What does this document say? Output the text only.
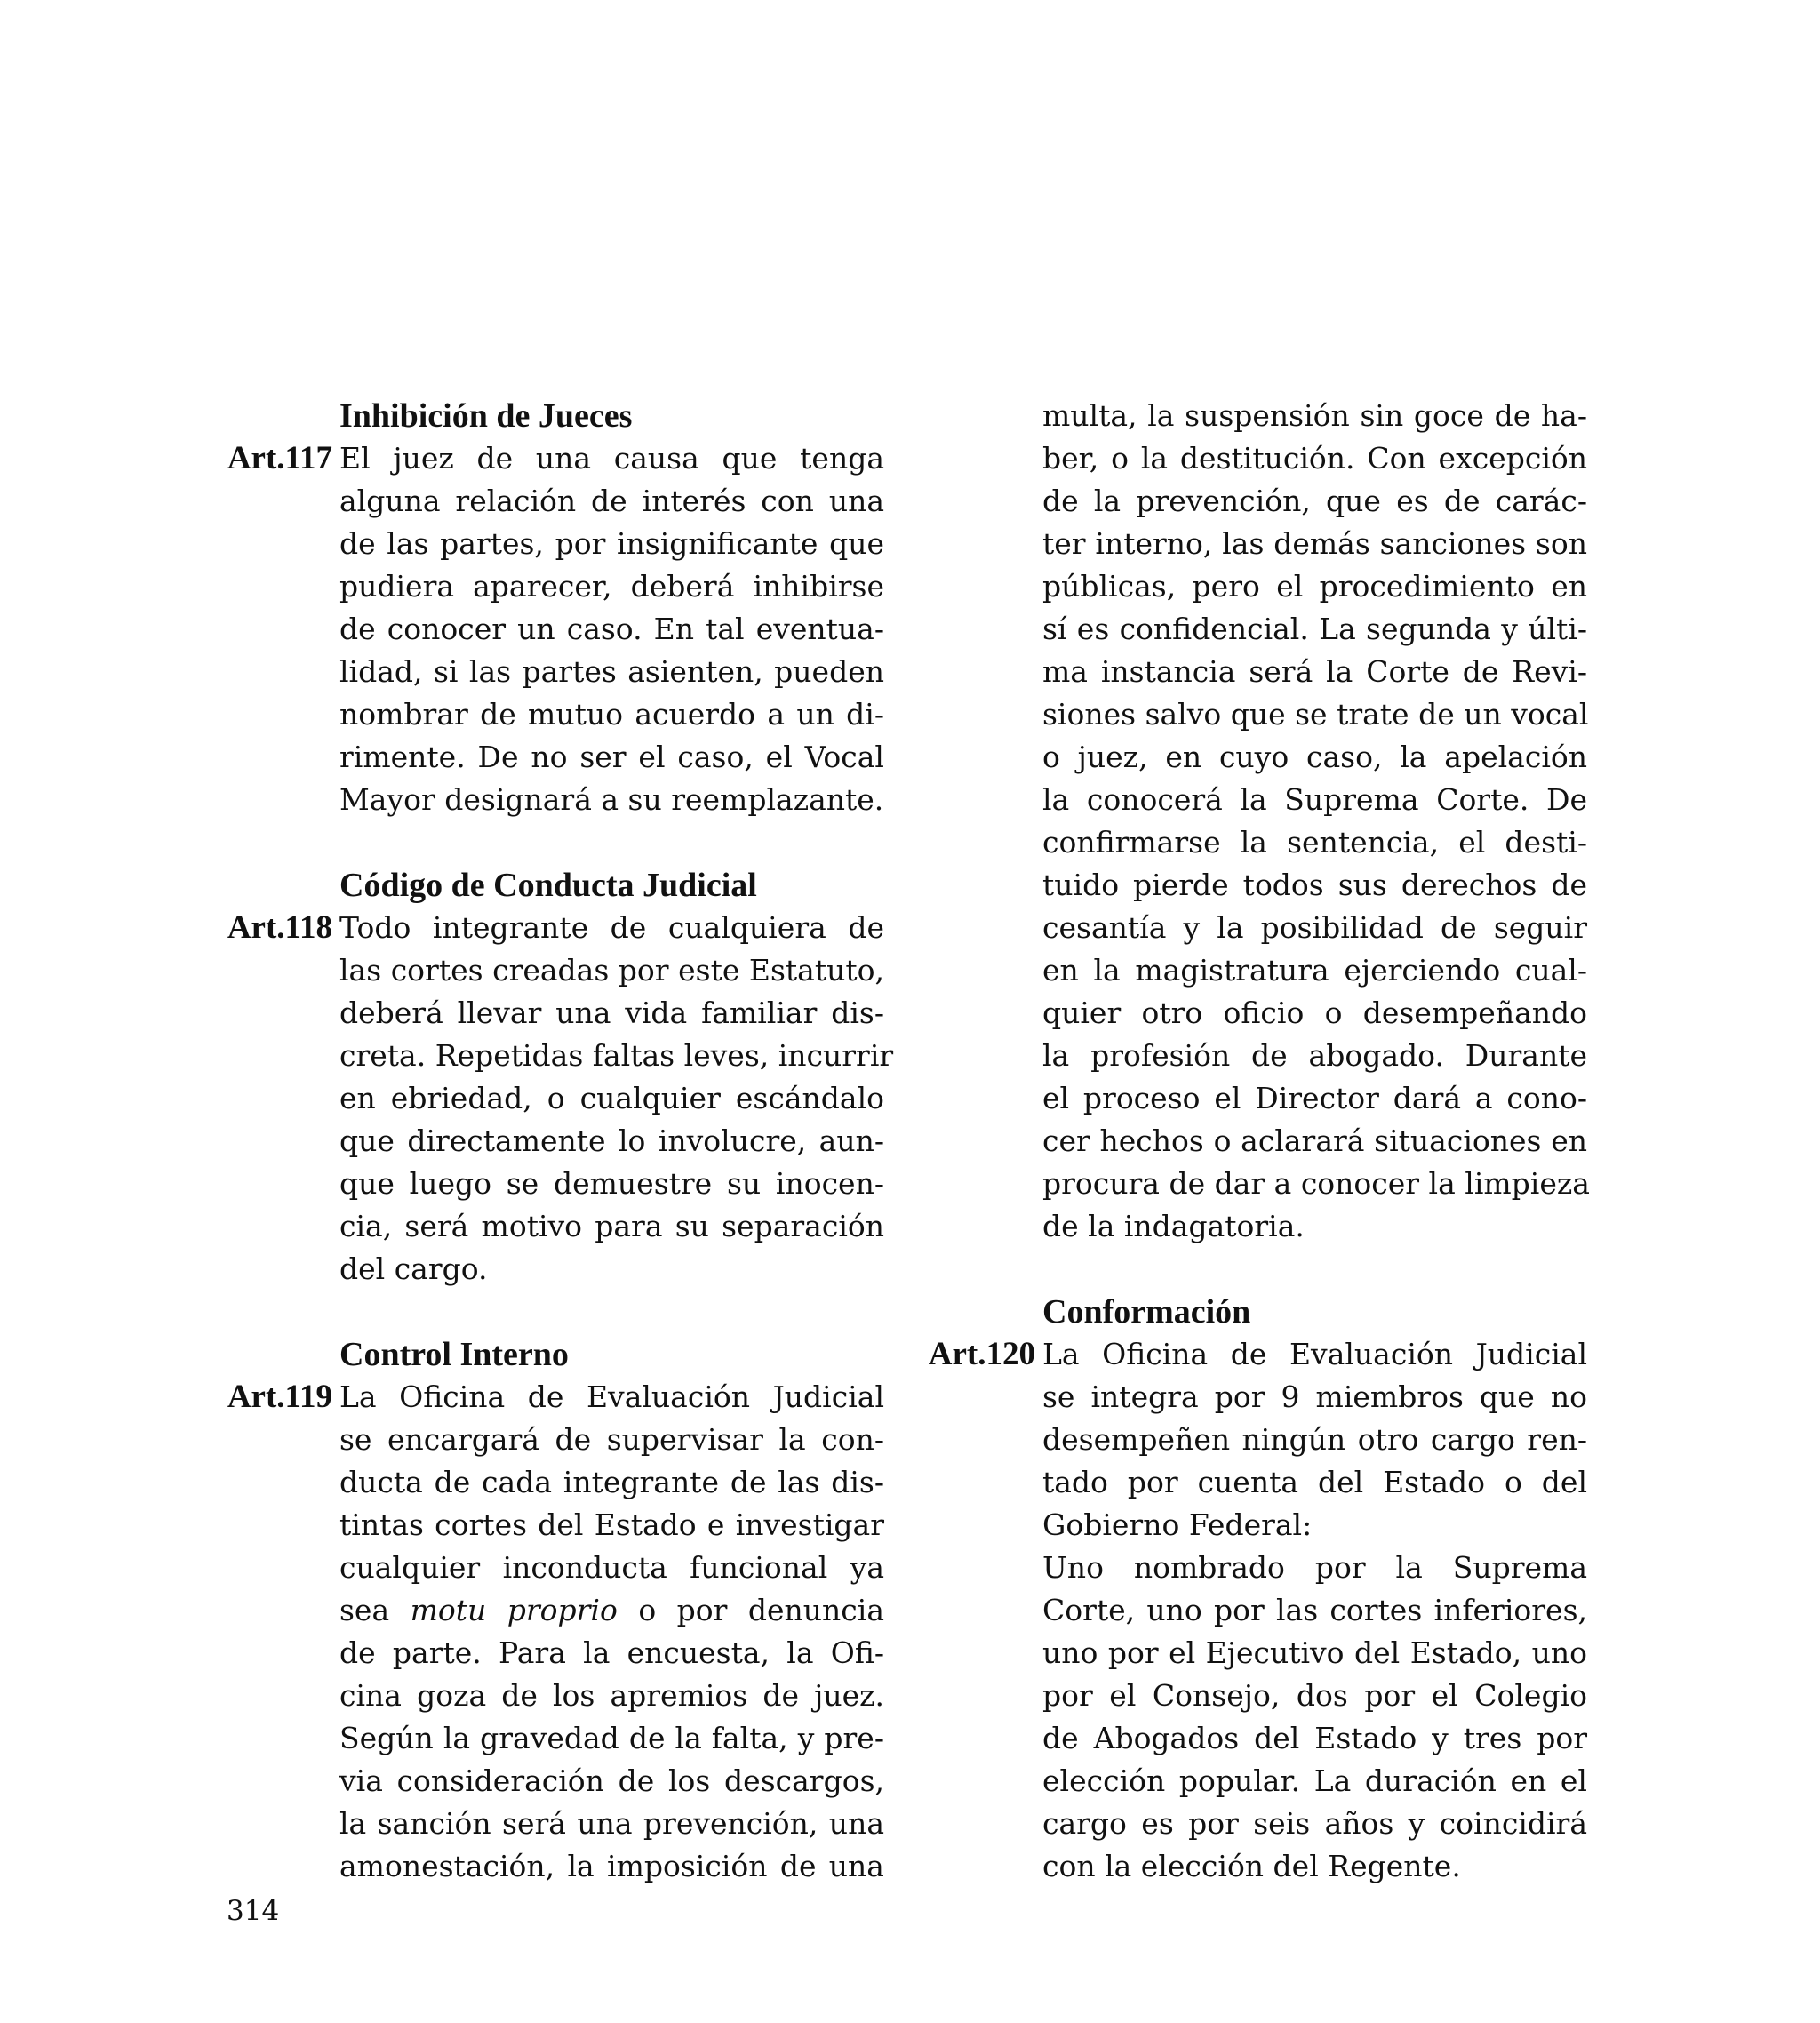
Inhibición de Jueces
Art.117 El juez de una causa que tenga
alguna relación de interés con una
de las partes, por insignificante que
pudiera aparecer, deberá inhibirse
de conocer un caso. En tal eventua-
lidad, si las partes asienten, pueden
nombrar de mutuo acuerdo a un di-
rimente. De no ser el caso, el Vocal
Mayor designará a su reemplazante.
Código de Conducta Judicial
Art.118 Todo integrante de cualquiera de
las cortes creadas por este Estatuto,
deberá llevar una vida familiar dis-
creta. Repetidas faltas leves, incurrir
en ebriedad, o cualquier escándalo
que directamente lo involucre, aun-
que luego se demuestre su inocen-
cia, será motivo para su separación
del cargo.
Control Interno
Art.119 La Oficina de Evaluación Judicial
se encargará de supervisar la con-
ducta de cada integrante de las dis-
tintas cortes del Estado e investigar
cualquier inconducta funcional ya
sea motu proprio o por denuncia
de parte. Para la encuesta, la Ofi-
cina goza de los apremios de juez.
Según la gravedad de la falta, y pre-
via consideración de los descargos,
la sanción será una prevención, una
amonestación, la imposición de una
multa, la suspensión sin goce de ha-
ber, o la destitución. Con excepción
de la prevención, que es de carác-
ter interno, las demás sanciones son
públicas, pero el procedimiento en
sí es confidencial. La segunda y últi-
ma instancia será la Corte de Revi-
siones salvo que se trate de un vocal
o juez, en cuyo caso, la apelación
la conocerá la Suprema Corte. De
confirmarse la sentencia, el desti-
tuido pierde todos sus derechos de
cesantía y la posibilidad de seguir
en la magistratura ejerciendo cual-
quier otro oficio o desempeñando
la profesión de abogado. Durante
el proceso el Director dará a cono-
cer hechos o aclarará situaciones en
procura de dar a conocer la limpieza
de la indagatoria.
Conformación
Art.120 La Oficina de Evaluación Judicial
se integra por 9 miembros que no
desempeñen ningún otro cargo ren-
tado por cuenta del Estado o del
Gobierno Federal:
Uno nombrado por la Suprema
Corte, uno por las cortes inferiores,
uno por el Ejecutivo del Estado, uno
por el Consejo, dos por el Colegio
de Abogados del Estado y tres por
elección popular. La duración en el
cargo es por seis años y coincidirá
con la elección del Regente.
314
